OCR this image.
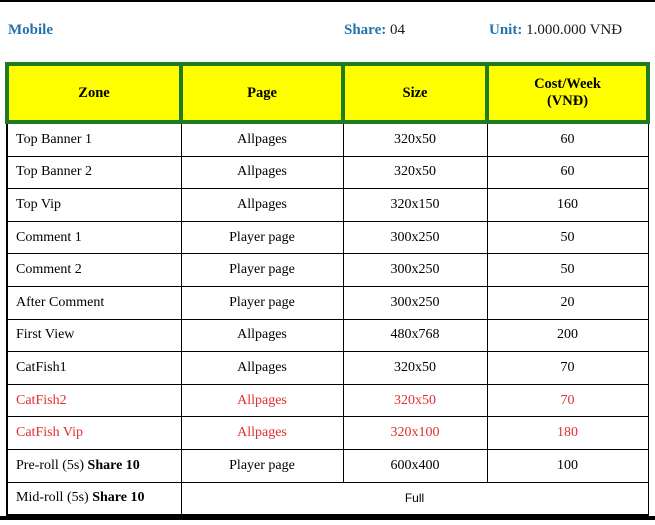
Mobile	Share: 04	Unit: 1.000.000 VNĐ
Zone	Page	Size	Cost/Week
(VNĐ)

Top Banner 1	Allpages	320x50	60
Top Banner 2	Allpages	320x50	60
Top Vip	Allpages	320x150	160
Comment 1	Player page	300x250	50
Comment 2	Player page	300x250	50
After Comment	Player page	300x250	20
First View	Allpages	480x768	200
CatFish1	Allpages	320x50	70
CatFish2	Allpages	320x50	70
CatFish Vip	Allpages	320x100	180
Pre-roll (5s) Share 10	Player page	600x400	100
Mid-roll (5s) Share 10	Full		
